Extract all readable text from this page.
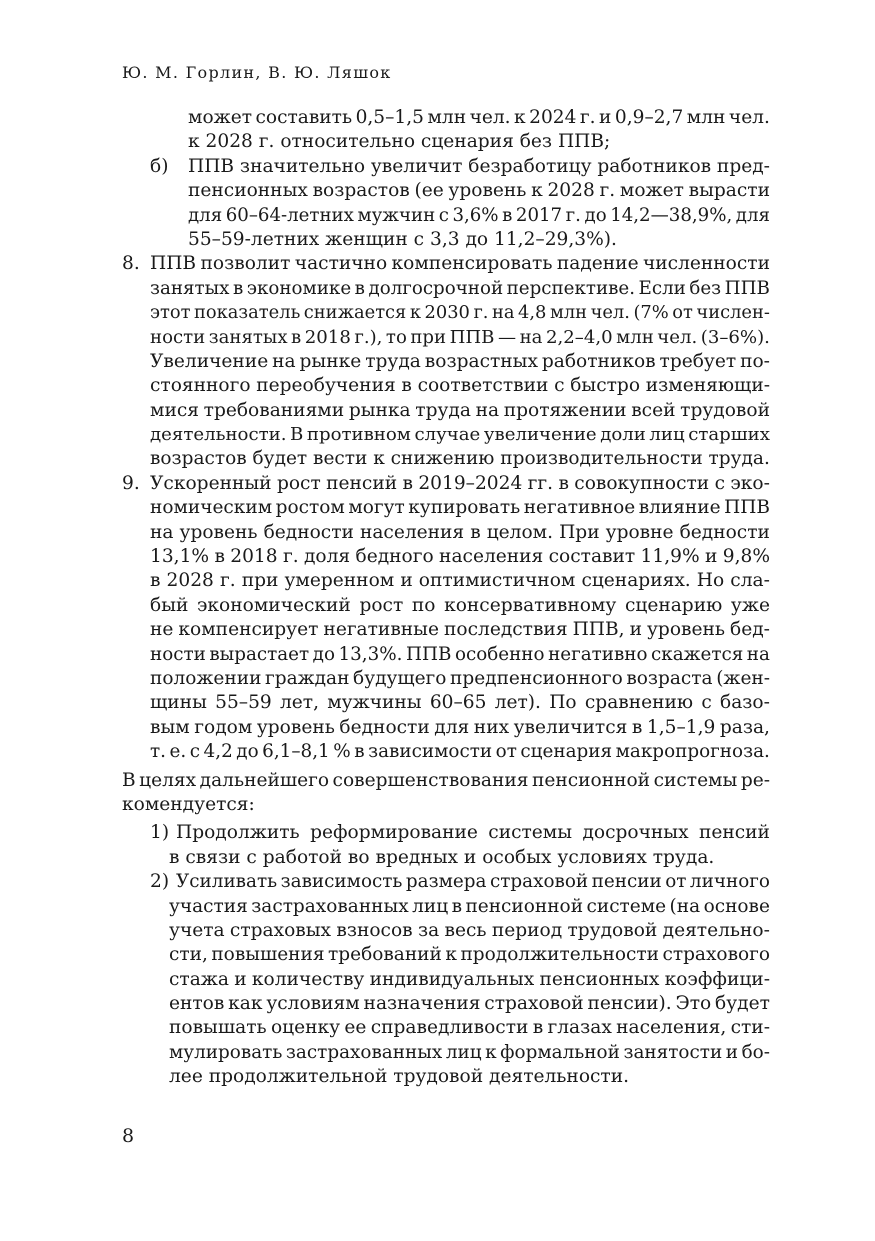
Ю. М. Горлин, В. Ю. Ляшок
может составить 0,5–1,5 млн чел. к 2024 г. и 0,9–2,7 млн чел.
к 2028 г. относительно сценария без ППВ;
б) ППВ значительно увеличит безработицу работников пред-
пенсионных возрастов (ее уровень к 2028 г. может вырасти
для 60–64-летних мужчин с 3,6% в 2017 г. до 14,2—38,9%, для
55–59-летних женщин с 3,3 до 11,2–29,3%).
8. ППВ позволит частично компенсировать падение численности
занятых в экономике в долгосрочной перспективе. Если без ППВ
этот показатель снижается к 2030 г. на 4,8 млн чел. (7% от числен-
ности занятых в 2018 г.), то при ППВ — на 2,2–4,0 млн чел. (3–6%).
Увеличение на рынке труда возрастных работников требует по-
стоянного переобучения в соответствии с быстро изменяющи-
мися требованиями рынка труда на протяжении всей трудовой
деятельности. В противном случае увеличение доли лиц старших
возрастов будет вести к снижению производительности труда.
9. Ускоренный рост пенсий в 2019–2024 гг. в совокупности с эко-
номическим ростом могут купировать негативное влияние ППВ
на уровень бедности населения в целом. При уровне бедности
13,1% в 2018 г. доля бедного населения составит 11,9% и 9,8%
в 2028 г. при умеренном и оптимистичном сценариях. Но сла-
бый экономический рост по консервативному сценарию уже
не компенсирует негативные последствия ППВ, и уровень бед-
ности вырастает до 13,3%. ППВ особенно негативно скажется на
положении граждан будущего предпенсионного возраста (жен-
щины 55–59 лет, мужчины 60–65 лет). По сравнению с базо-
вым годом уровень бедности для них увеличится в 1,5–1,9 раза,
т. е. с 4,2 до 6,1–8,1 % в зависимости от сценария макропрогноза.
В целях дальнейшего совершенствования пенсионной системы ре-
комендуется:
1) Продолжить реформирование системы досрочных пенсий
в связи с работой во вредных и особых условиях труда.
2) Усиливать зависимость размера страховой пенсии от личного
участия застрахованных лиц в пенсионной системе (на основе
учета страховых взносов за весь период трудовой деятельно-
сти, повышения требований к продолжительности страхового
стажа и количеству индивидуальных пенсионных коэффици-
ентов как условиям назначения страховой пенсии). Это будет
повышать оценку ее справедливости в глазах населения, сти-
мулировать застрахованных лиц к формальной занятости и бо-
лее продолжительной трудовой деятельности.
8
